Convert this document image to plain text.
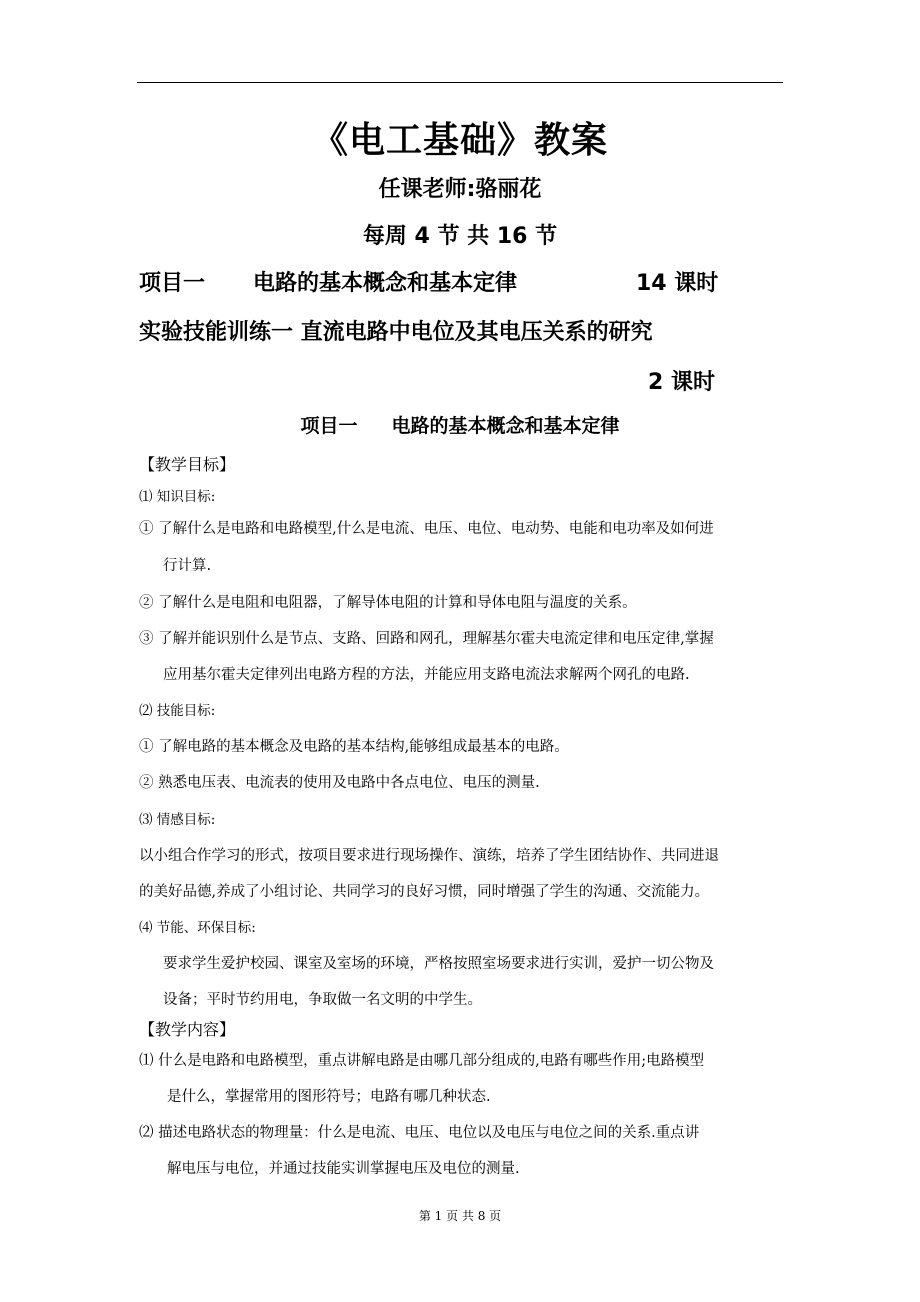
《电工基础》教案
任课老师:骆丽花
每周 4 节 共 16 节
项目一 电路的基本概念和基本定律	14 课时
实验技能训练一 直流电路中电位及其电压关系的研究
2 课时
项目一 电路的基本概念和基本定律
【教学目标】
⑴ 知识目标:
① 了解什么是电路和电路模型,什么是电流、电压、电位、电动势、电能和电功率及如何进
行计算.
② 了解什么是电阻和电阻器，了解导体电阻的计算和导体电阻与温度的关系。
③ 了解并能识别什么是节点、支路、回路和网孔，理解基尔霍夫电流定律和电压定律,掌握
应用基尔霍夫定律列出电路方程的方法，并能应用支路电流法求解两个网孔的电路.
⑵ 技能目标:
① 了解电路的基本概念及电路的基本结构,能够组成最基本的电路。
② 熟悉电压表、电流表的使用及电路中各点电位、电压的测量.
⑶ 情感目标:
以小组合作学习的形式，按项目要求进行现场操作、演练，培养了学生团结协作、共同进退
的美好品德,养成了小组讨论、共同学习的良好习惯，同时增强了学生的沟通、交流能力。
⑷ 节能、环保目标:
要求学生爱护校园、课室及室场的环境，严格按照室场要求进行实训，爱护一切公物及
设备；平时节约用电，争取做一名文明的中学生。
【教学内容】
⑴ 什么是电路和电路模型，重点讲解电路是由哪几部分组成的,电路有哪些作用;电路模型
是什么，掌握常用的图形符号；电路有哪几种状态.
⑵ 描述电路状态的物理量：什么是电流、电压、电位以及电压与电位之间的关系.重点讲
解电压与电位，并通过技能实训掌握电压及电位的测量.
第 1 页 共 8 页
